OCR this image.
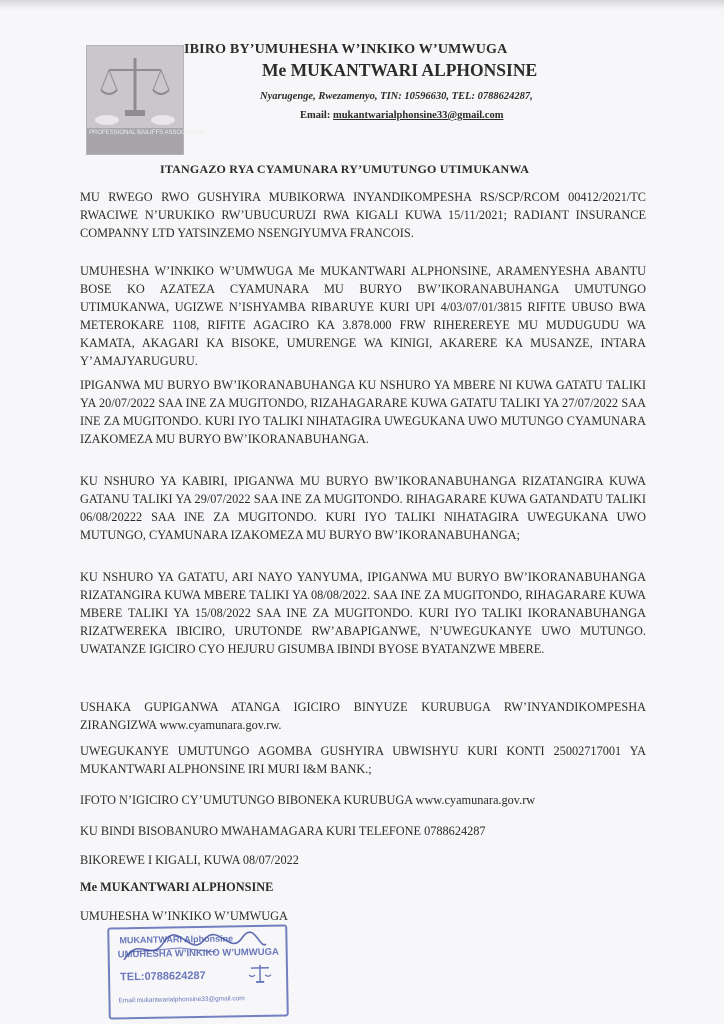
PROFESSIONAL BAILIFFS ASSOCIATION
IBIRO BY’UMUHESHA W’INKIKO W’UMWUGA
Me MUKANTWARI ALPHONSINE
Nyarugenge, Rwezamenyo, TIN: 10596630, TEL: 0788624287,
Email: mukantwarialphonsine33@gmail.com
ITANGAZO RYA CYAMUNARA RY’UMUTUNGO UTIMUKANWA
MU RWEGO RWO GUSHYIRA MUBIKORWA INYANDIKOMPESHA RS/SCP/RCOM 00412/2021/TC RWACIWE N’URUKIKO RW’UBUCURUZI RWA KIGALI KUWA 15/11/2021; RADIANT INSURANCE COMPANNY LTD YATSINZEMO NSENGIYUMVA FRANCOIS.
UMUHESHA W’INKIKO W’UMWUGA Me MUKANTWARI ALPHONSINE, ARAMENYESHA ABANTU BOSE KO AZATEZA CYAMUNARA MU BURYO BW’IKORANABUHANGA UMUTUNGO UTIMUKANWA, UGIZWE N’ISHYAMBA RIBARUYE KURI UPI 4/03/07/01/3815 RIFITE UBUSO BWA METEROKARE 1108, RIFITE AGACIRO KA 3.878.000 FRW RIHEREREYE MU MUDUGUDU WA KAMATA, AKAGARI KA BISOKE, UMURENGE WA KINIGI, AKARERE KA MUSANZE, INTARA Y’AMAJYARUGURU.
IPIGANWA MU BURYO BW’IKORANABUHANGA KU NSHURO YA MBERE NI KUWA GATATU TALIKI YA 20/07/2022 SAA INE ZA MUGITONDO, RIZAHAGARARE KUWA GATATU TALIKI YA 27/07/2022 SAA INE ZA MUGITONDO. KURI IYO TALIKI NIHATAGIRA UWEGUKANA UWO MUTUNGO CYAMUNARA IZAKOMEZA MU BURYO BW’IKORANABUHANGA.
KU NSHURO YA KABIRI, IPIGANWA MU BURYO BW’IKORANABUHANGA RIZATANGIRA KUWA GATANU TALIKI YA 29/07/2022 SAA INE ZA MUGITONDO. RIHAGARARE KUWA GATANDATU TALIKI 06/08/20222 SAA INE ZA MUGITONDO. KURI IYO TALIKI NIHATAGIRA UWEGUKANA UWO MUTUNGO, CYAMUNARA IZAKOMEZA MU BURYO BW’IKORANABUHANGA;
KU NSHURO YA GATATU, ARI NAYO YANYUMA, IPIGANWA MU BURYO BW’IKORANABUHANGA RIZATANGIRA KUWA MBERE TALIKI YA 08/08/2022. SAA INE ZA MUGITONDO, RIHAGARARE KUWA MBERE TALIKI YA 15/08/2022 SAA INE ZA MUGITONDO. KURI IYO TALIKI IKORANABUHANGA RIZATWEREKA IBICIRO, URUTONDE RW’ABAPIGANWE, N’UWEGUKANYE UWO MUTUNGO. UWATANZE IGICIRO CYO HEJURU GISUMBA IBINDI BYOSE BYATANZWE MBERE.
USHAKA GUPIGANWA ATANGA IGICIRO BINYUZE KURUBUGA RW’INYANDIKOMPESHA ZIRANGIZWA www.cyamunara.gov.rw.
UWEGUKANYE UMUTUNGO AGOMBA GUSHYIRA UBWISHYU KURI KONTI 25002717001 YA MUKANTWARI ALPHONSINE IRI MURI I&M BANK.;
IFOTO N’IGICIRO CY’UMUTUNGO BIBONEKA KURUBUGA www.cyamunara.gov.rw
KU BINDI BISOBANURO MWAHAMAGARA KURI TELEFONE 0788624287
BIKOREWE I KIGALI, KUWA 08/07/2022
Me MUKANTWARI ALPHONSINE
UMUHESHA W’INKIKO W’UMWUGA
MUKANTWARI Alphonsine
UMUHESHA W’INKIKO W’UMWUGA
TEL:0788624287
Email:mukantwarialphonsine33@gmail.com
